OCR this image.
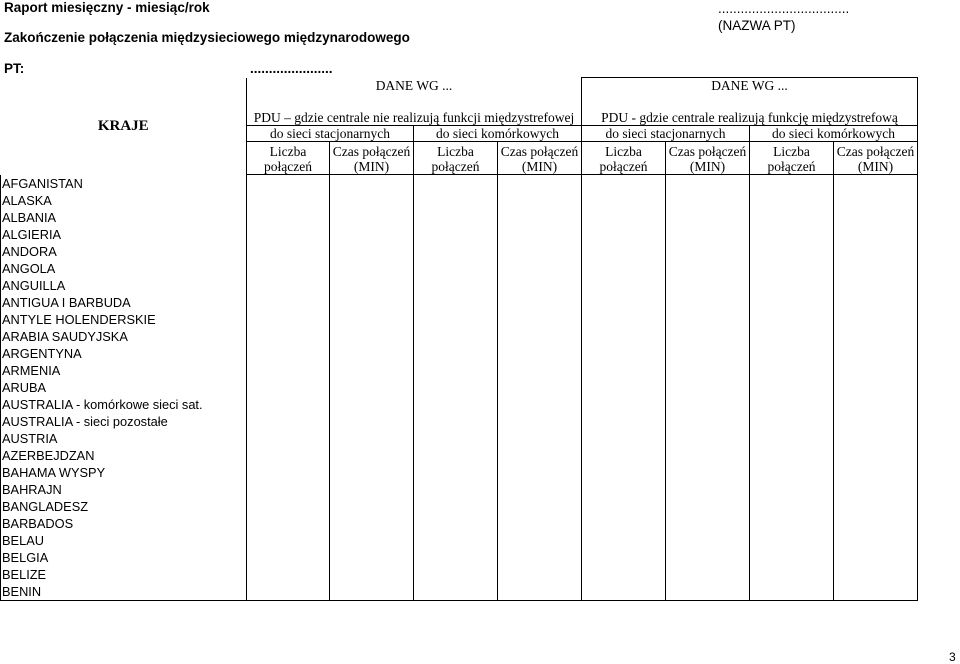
Raport miesięczny - miesiąc/rok
Zakończenie połączenia międzysieciowego międzynarodowego
...................................
(NAZWA PT)
PT:	......................
KRAJE	DANE WG ...				DANE WG ...			
	PDU – gdzie centrale nie realizują funkcji międzystrefowej				PDU - gdzie centrale realizują funkcję międzystrefową			
	do sieci stacjonarnych		do sieci komórkowych		do sieci stacjonarnych		do sieci komórkowych	
	Liczba połączeń	Czas połączeń (MIN)	Liczba połączeń	Czas połączeń (MIN)	Liczba połączeń	Czas połączeń (MIN)	Liczba połączeń	Czas połączeń (MIN)
AFGANISTAN								
ALASKA								
ALBANIA								
ALGIERIA								
ANDORA								
ANGOLA								
ANGUILLA								
ANTIGUA I BARBUDA								
ANTYLE HOLENDERSKIE								
ARABIA SAUDYJSKA								
ARGENTYNA								
ARMENIA								
ARUBA								
AUSTRALIA - komórkowe sieci sat.								
AUSTRALIA - sieci pozostałe								
AUSTRIA								
AZERBEJDZAN								
BAHAMA WYSPY								
BAHRAJN								
BANGLADESZ								
BARBADOS								
BELAU								
BELGIA								
BELIZE								
BENIN								
3
